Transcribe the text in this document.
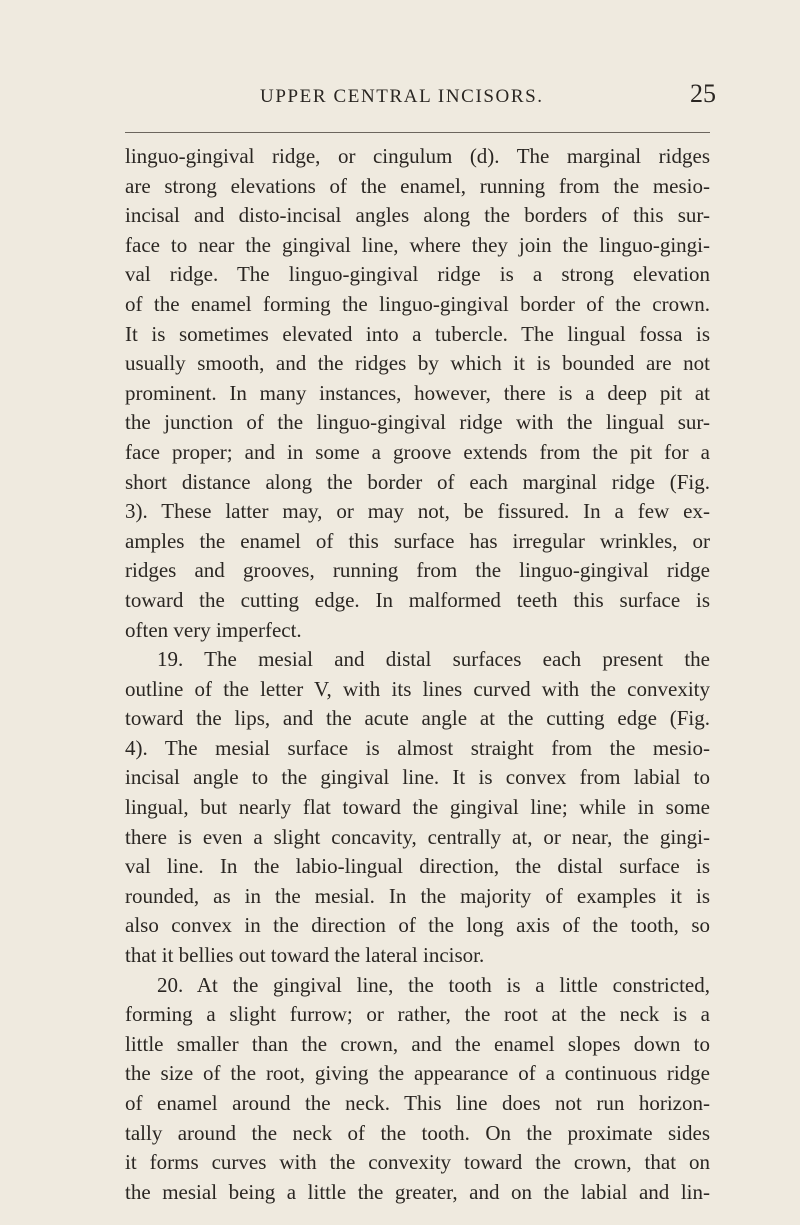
UPPER CENTRAL INCISORS.	25
linguo-gingival ridge, or cingulum (d). The marginal ridges
are strong elevations of the enamel, running from the mesio-
incisal and disto-incisal angles along the borders of this sur-
face to near the gingival line, where they join the linguo-gingi-
val ridge. The linguo-gingival ridge is a strong elevation
of the enamel forming the linguo-gingival border of the crown.
It is sometimes elevated into a tubercle. The lingual fossa is
usually smooth, and the ridges by which it is bounded are not
prominent. In many instances, however, there is a deep pit at
the junction of the linguo-gingival ridge with the lingual sur-
face proper; and in some a groove extends from the pit for a
short distance along the border of each marginal ridge (Fig.
3). These latter may, or may not, be fissured. In a few ex-
amples the enamel of this surface has irregular wrinkles, or
ridges and grooves, running from the linguo-gingival ridge
toward the cutting edge. In malformed teeth this surface is
often very imperfect.
19. The mesial and distal surfaces each present the
outline of the letter V, with its lines curved with the convexity
toward the lips, and the acute angle at the cutting edge (Fig.
4). The mesial surface is almost straight from the mesio-
incisal angle to the gingival line. It is convex from labial to
lingual, but nearly flat toward the gingival line; while in some
there is even a slight concavity, centrally at, or near, the gingi-
val line. In the labio-lingual direction, the distal surface is
rounded, as in the mesial. In the majority of examples it is
also convex in the direction of the long axis of the tooth, so
that it bellies out toward the lateral incisor.
20. At the gingival line, the tooth is a little constricted,
forming a slight furrow; or rather, the root at the neck is a
little smaller than the crown, and the enamel slopes down to
the size of the root, giving the appearance of a continuous ridge
of enamel around the neck. This line does not run horizon-
tally around the neck of the tooth. On the proximate sides
it forms curves with the convexity toward the crown, that on
the mesial being a little the greater, and on the labial and lin-
